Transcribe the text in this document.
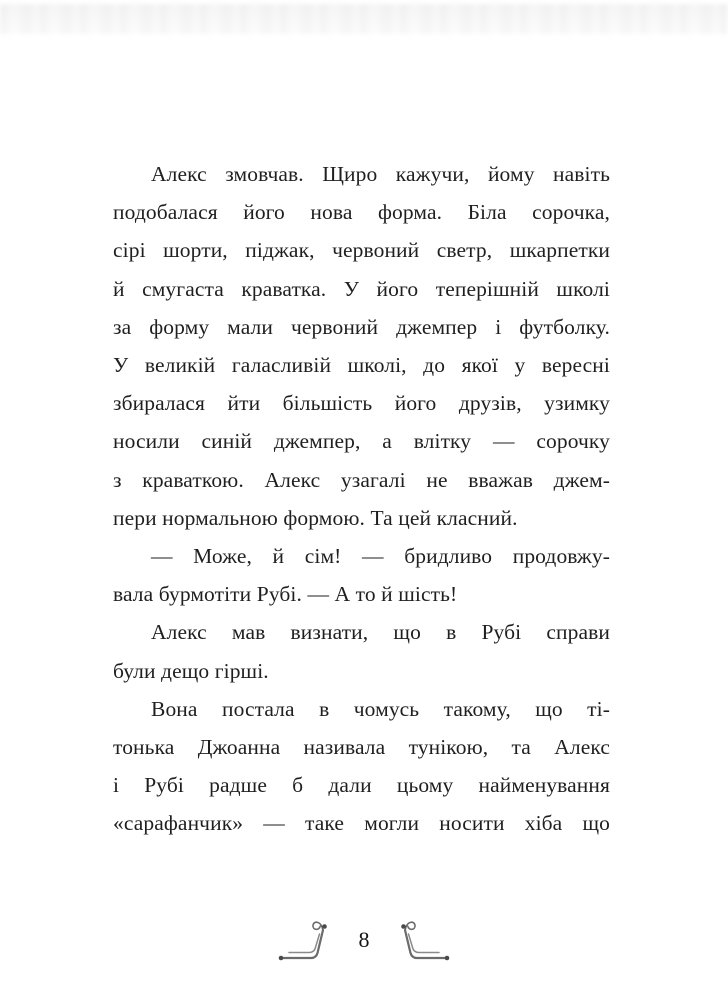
Алекс змовчав. Щиро кажучи, йому навіть
подобалася його нова форма. Біла сорочка,
сірі шорти, піджак, червоний светр, шкарпетки
й смугаста краватка. У його теперішній школі
за форму мали червоний джемпер і футболку.
У великій галасливій школі, до якої у вересні
збиралася йти більшість його друзів, узимку
носили синій джемпер, а влітку — сорочку
з краваткою. Алекс узагалі не вважав джем-
пери нормальною формою. Та цей класний.
— Може, й сім! — бридливо продовжу-
вала бурмотіти Рубі. — А то й шість!
Алекс мав визнати, що в Рубі справи
були дещо гірші.
Вона постала в чомусь такому, що ті-
тонька Джоанна називала тунікою, та Алекс
і Рубі радше б дали цьому найменування
«сарафанчик» — таке могли носити хіба що
8
